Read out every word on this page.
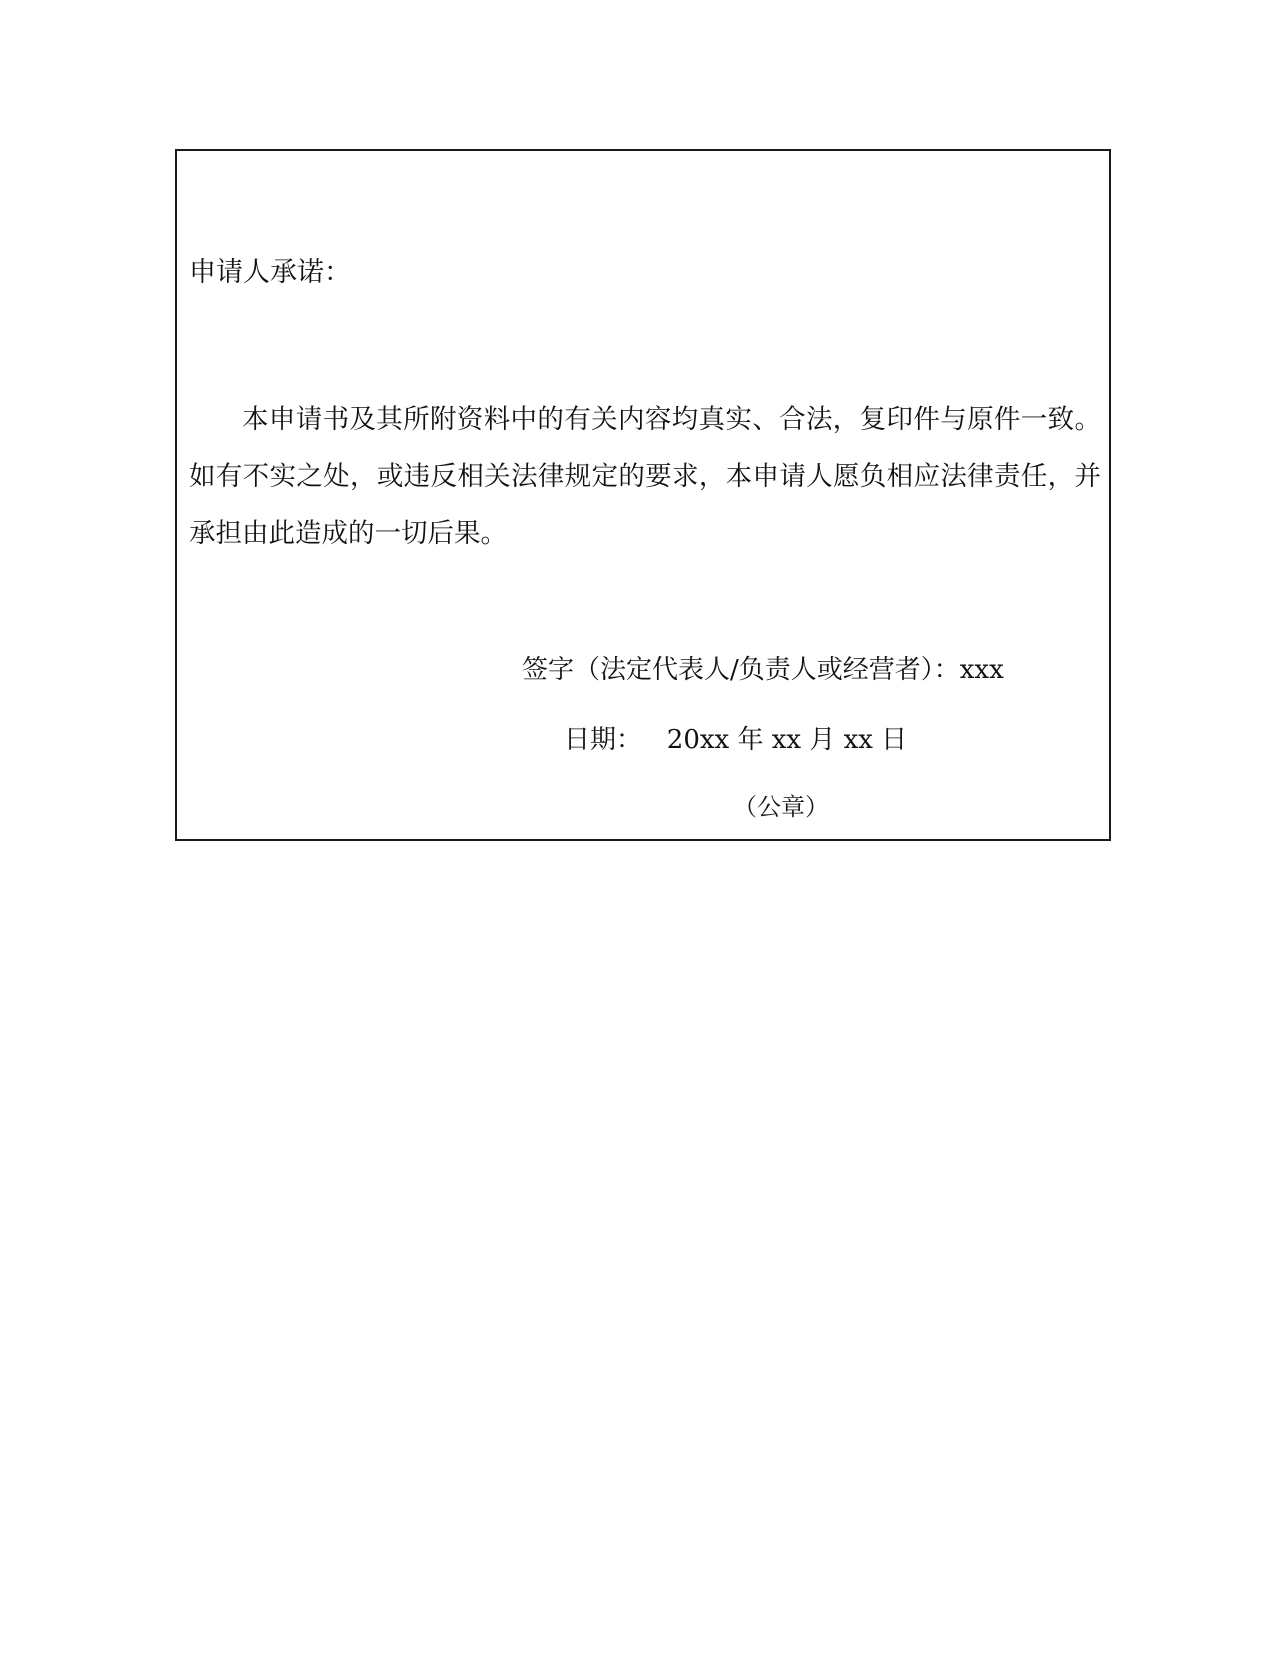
申请人承诺：
本申请书及其所附资料中的有关内容均真实、合法，复印件与原件一致。如有不实之处，或违反相关法律规定的要求，本申请人愿负相应法律责任，并承担由此造成的一切后果。
签字（法定代表人/负责人或经营者）：xxx
日期：   20xx 年 xx 月 xx 日
（公章）
